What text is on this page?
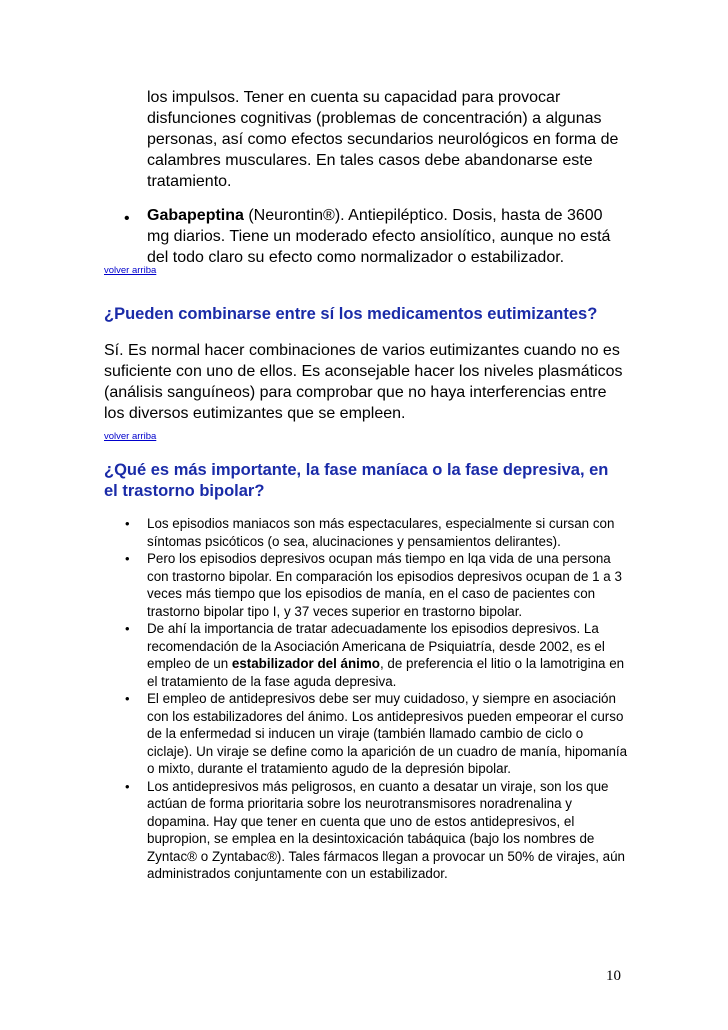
los impulsos. Tener en cuenta su capacidad para provocar disfunciones cognitivas (problemas de concentración) a algunas personas, así como efectos secundarios neurológicos en forma de calambres musculares. En tales casos debe abandonarse este tratamiento.

• Gabapeptina (Neurontin®). Antiepiléptico. Dosis, hasta de 3600 mg diarios. Tiene un moderado efecto ansiolítico, aunque no está del todo claro su efecto como normalizador o estabilizador.

volver arriba
¿Pueden combinarse entre sí los medicamentos eutimizantes?

Sí. Es normal hacer combinaciones de varios eutimizantes cuando no es suficiente con uno de ellos. Es aconsejable hacer los niveles plasmáticos (análisis sanguíneos) para comprobar que no haya interferencias entre los diversos eutimizantes que se empleen.

volver arriba
¿Qué es más importante, la fase maníaca o la fase depresiva, en el trastorno bipolar?
• Los episodios maniacos son más espectaculares, especialmente si cursan con síntomas psicóticos (o sea, alucinaciones y pensamientos delirantes).
• Pero los episodios depresivos ocupan más tiempo en lqa vida de una persona con trastorno bipolar. En comparación los episodios depresivos ocupan de 1 a 3 veces más tiempo que los episodios de manía, en el caso de pacientes con trastorno bipolar tipo I, y 37 veces superior en trastorno bipolar.
• De ahí la importancia de tratar adecuadamente los episodios depresivos. La recomendación de la Asociación Americana de Psiquiatría, desde 2002, es el empleo de un estabilizador del ánimo, de preferencia el litio o la lamotrigina en el tratamiento de la fase aguda depresiva.
• El empleo de antidepresivos debe ser muy cuidadoso, y siempre en asociación con los estabilizadores del ánimo. Los antidepresivos pueden empeorar el curso de la enfermedad si inducen un viraje (también llamado cambio de ciclo o ciclaje). Un viraje se define como la aparición de un cuadro de manía, hipomanía o mixto, durante el tratamiento agudo de la depresión bipolar.
• Los antidepresivos más peligrosos, en cuanto a desatar un viraje, son los que actúan de forma prioritaria sobre los neurotransmisores noradrenalina y dopamina. Hay que tener en cuenta que uno de estos antidepresivos, el bupropion, se emplea en la desintoxicación tabáquica (bajo los nombres de Zyntac® o Zyntabac®). Tales fármacos llegan a provocar un 50% de virajes, aún administrados conjuntamente con un estabilizador.
10
